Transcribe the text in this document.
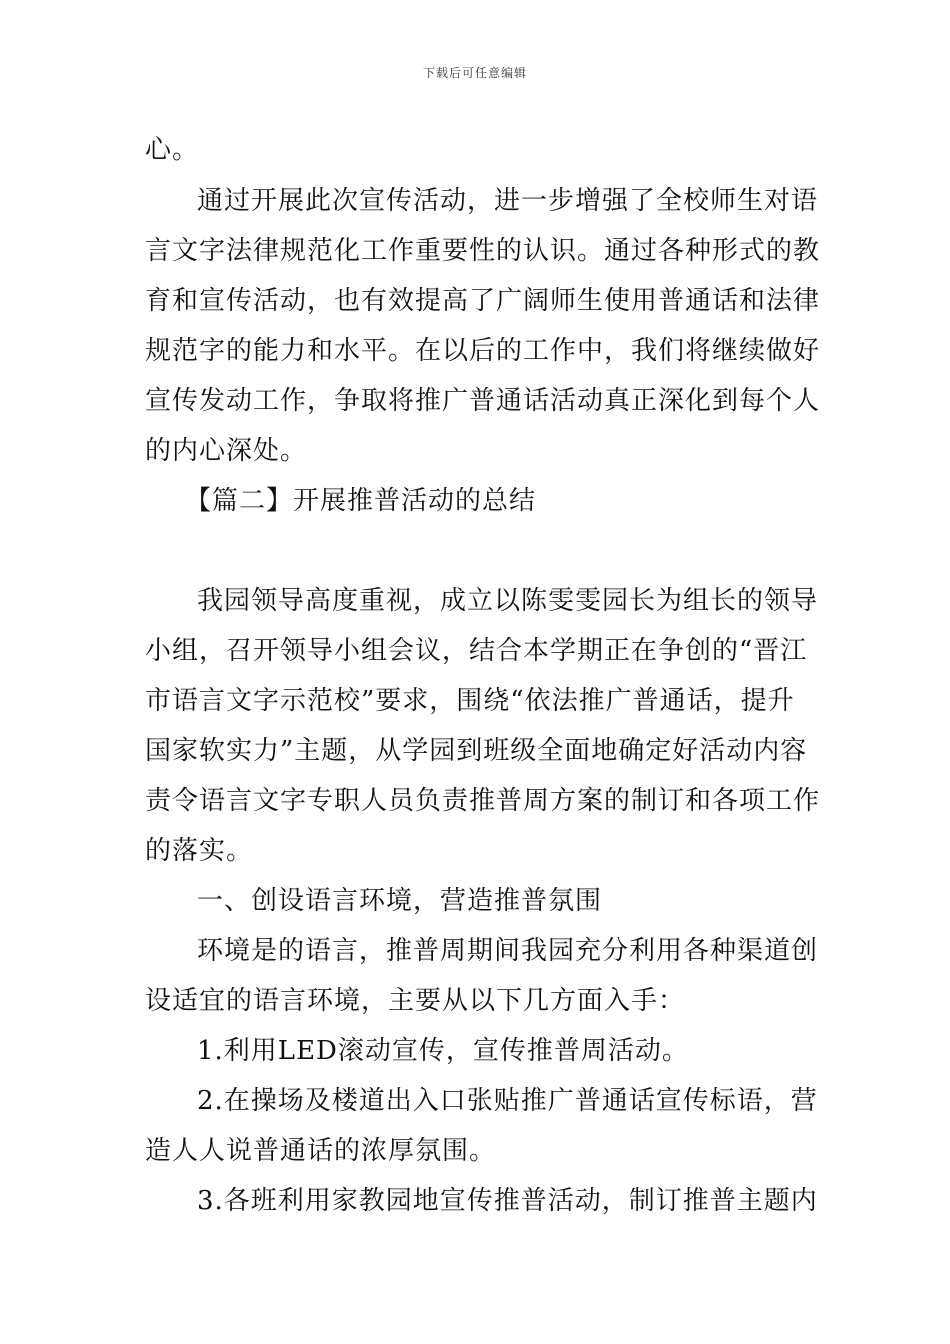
下载后可任意编辑
心。
通过开展此次宣传活动，进一步增强了全校师生对语
言文字法律规范化工作重要性的认识。通过各种形式的教
育和宣传活动，也有效提高了广阔师生使用普通话和法律
规范字的能力和水平。在以后的工作中，我们将继续做好
宣传发动工作，争取将推广普通话活动真正深化到每个人
的内心深处。
【篇二】开展推普活动的总结
我园领导高度重视，成立以陈雯雯园长为组长的领导
小组，召开领导小组会议，结合本学期正在争创的“晋江
市语言文字示范校”要求，围绕“依法推广普通话，提升
国家软实力”主题，从学园到班级全面地确定好活动内容
责令语言文字专职人员负责推普周方案的制订和各项工作
的落实。
一、创设语言环境，营造推普氛围
环境是的语言，推普周期间我园充分利用各种渠道创
设适宜的语言环境，主要从以下几方面入手：
1.利用LED滚动宣传，宣传推普周活动。
2.在操场及楼道出入口张贴推广普通话宣传标语，营
造人人说普通话的浓厚氛围。
3.各班利用家教园地宣传推普活动，制订推普主题内
